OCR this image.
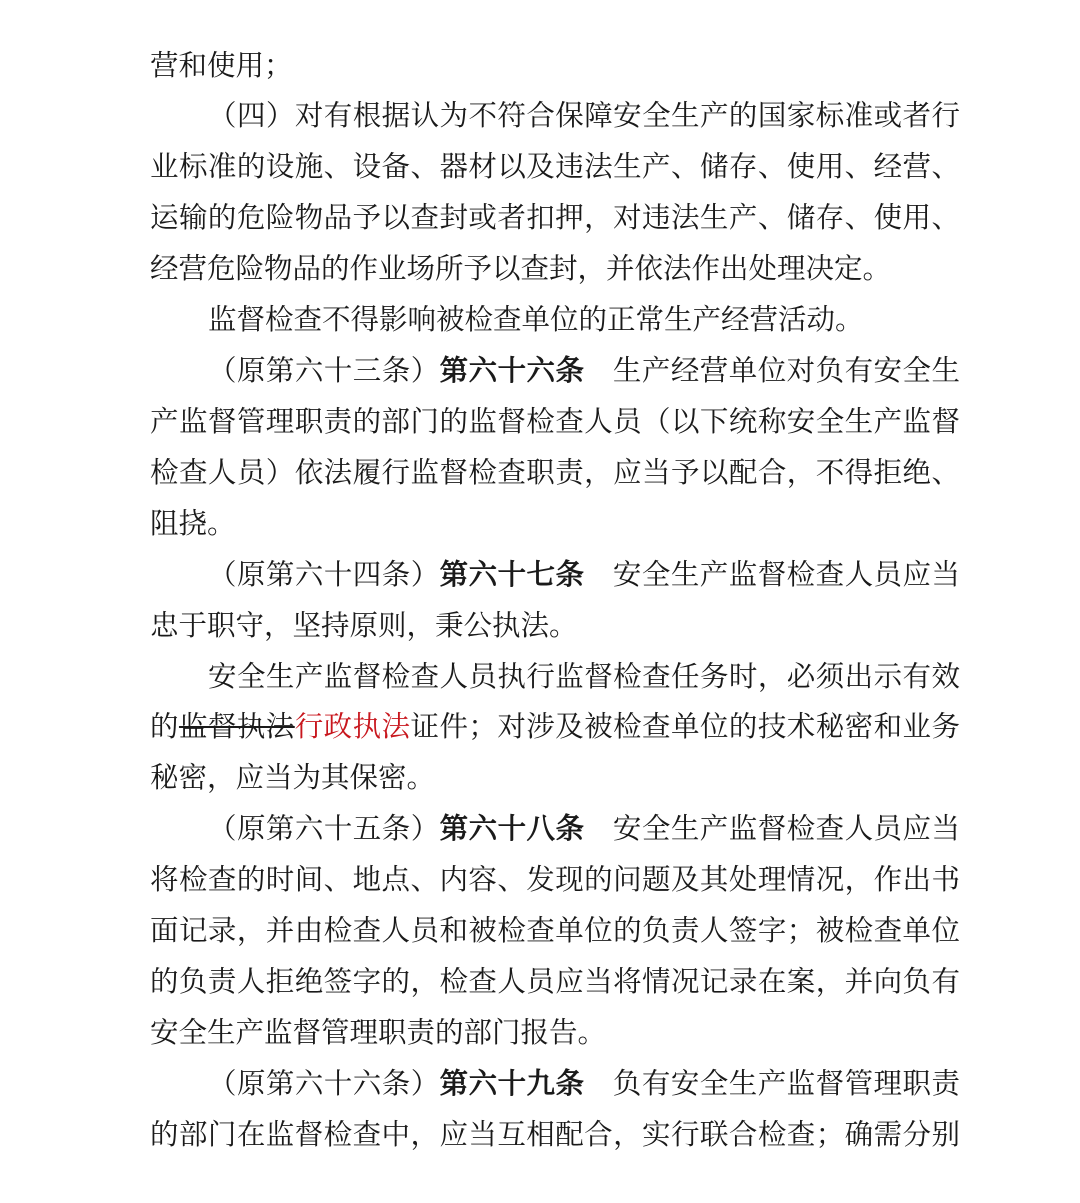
营和使用；
（四）对有根据认为不符合保障安全生产的国家标准或者行
业标准的设施、设备、器材以及违法生产、储存、使用、经营、
运输的危险物品予以查封或者扣押，对违法生产、储存、使用、
经营危险物品的作业场所予以查封，并依法作出处理决定。
监督检查不得影响被检查单位的正常生产经营活动。
（原第六十三条）第六十六条 生产经营单位对负有安全生
产监督管理职责的部门的监督检查人员（以下统称安全生产监督
检查人员）依法履行监督检查职责，应当予以配合，不得拒绝、
阻挠。
（原第六十四条）第六十七条 安全生产监督检查人员应当
忠于职守，坚持原则，秉公执法。
安全生产监督检查人员执行监督检查任务时，必须出示有效
的监督执法行政执法证件；对涉及被检查单位的技术秘密和业务
秘密，应当为其保密。
（原第六十五条）第六十八条 安全生产监督检查人员应当
将检查的时间、地点、内容、发现的问题及其处理情况，作出书
面记录，并由检查人员和被检查单位的负责人签字；被检查单位
的负责人拒绝签字的，检查人员应当将情况记录在案，并向负有
安全生产监督管理职责的部门报告。
（原第六十六条）第六十九条 负有安全生产监督管理职责
的部门在监督检查中，应当互相配合，实行联合检查；确需分别
